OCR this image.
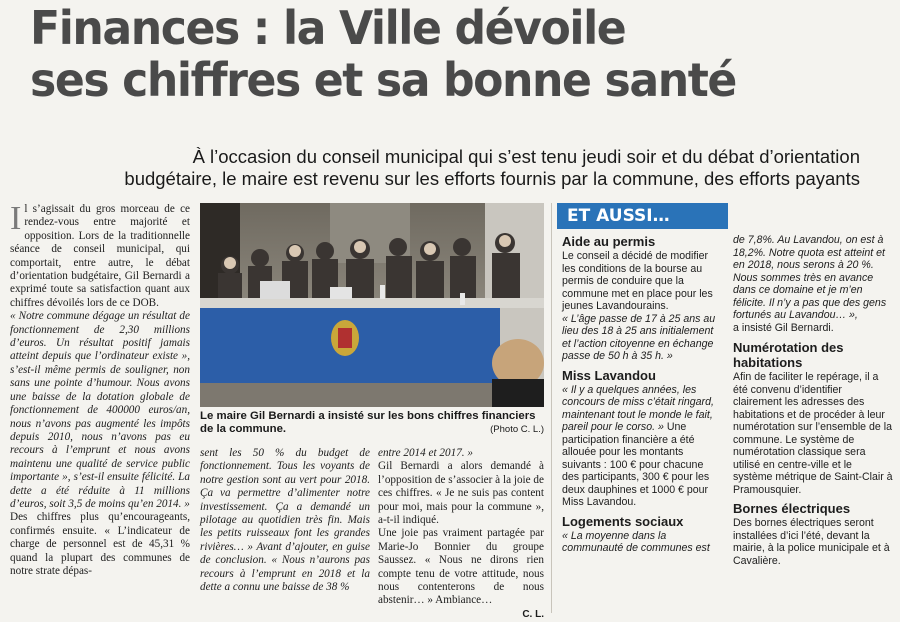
Finances : la Ville dévoile
ses chiffres et sa bonne santé
À l’occasion du conseil municipal qui s’est tenu jeudi soir et du débat d’orientation
budgétaire, le maire est revenu sur les efforts fournis par la commune, des efforts payants
I l s’agissait du gros morceau de ce rendez-vous entre majorité et opposition. Lors de la traditionnelle séance de conseil municipal, qui comportait, entre autre, le débat d’orientation budgétaire, Gil Bernardi a exprimé toute sa satisfaction quant aux chiffres dévoilés lors de ce DOB.

« Notre commune dégage un résultat de fonctionnement de 2,30 millions d’euros. Un résultat positif jamais atteint depuis que l’ordinateur existe », s’est-il même permis de souligner, non sans une pointe d’humour. Nous avons une baisse de la dotation globale de fonctionnement de 400000 euros/an, nous n’avons pas augmenté les impôts depuis 2010, nous n’avons pas eu recours à l’emprunt et nous avons maintenu une qualité de service public importante », s’est-il ensuite félicité. La dette a été réduite à 11 millions d’euros, soit 3,5 de moins qu’en 2014. »

Des chiffres plus qu’encourageants, confirmés ensuite. « L’indicateur de charge de personnel est de 45,31 % quand la plupart des communes de notre strate dépas-

Le maire Gil Bernardi a insisté sur les bons chiffres financiers de la commune.	(Photo C. L.)

sent les 50 % du budget de fonctionnement. Tous les voyants de notre gestion sont au vert pour 2018. Ça va permettre d’alimenter notre investissement. Ça a demandé un pilotage au quotidien très fin. Mais les petits ruisseaux font les grandes rivières… » Avant d’ajouter, en guise de conclusion. « Nous n’aurons pas recours à l’emprunt en 2018 et la dette a connu une baisse de 38 %

entre 2014 et 2017. »

Gil Bernardi a alors demandé à l’opposition de s’associer à la joie de ces chiffres. « Je ne suis pas content pour moi, mais pour la commune », a-t-il indiqué.

Une joie pas vraiment partagée par Marie-Jo Bonnier du groupe Saussez. « Nous ne dirons rien compte tenu de votre attitude, nous nous contenterons de nous abstenir… » Ambiance…

C. L.
ET AUSSI…
Aide au permis

Le conseil a décidé de modifier les conditions de la bourse au permis de conduire que la commune met en place pour les jeunes Lavandourains.

« L’âge passe de 17 à 25 ans au lieu des 18 à 25 ans initialement et l’action citoyenne en échange passe de 50 h à 35 h. »

Miss Lavandou

« Il y a quelques années, les concours de miss c’était ringard, maintenant tout le monde le fait, pareil pour le corso. » Une participation financière a été allouée pour les montants suivants : 100 € pour chacune des participants, 300 € pour les deux dauphines et 1000 € pour Miss Lavandou.

Logements sociaux

« La moyenne dans la communauté de communes est

de 7,8%. Au Lavandou, on est à 18,2%. Notre quota est atteint et en 2018, nous serons à 20 %. Nous sommes très en avance dans ce domaine et je m’en félicite. Il n’y a pas que des gens fortunés au Lavandou… »,

a insisté Gil Bernardi.

Numérotation des habitations

Afin de faciliter le repérage, il a été convenu d’identifier clairement les adresses des habitations et de procéder à leur numérotation sur l’ensemble de la commune. Le système de numérotation classique sera utilisé en centre-ville et le système métrique de Saint-Clair à Pramousquier.

Bornes électriques

Des bornes électriques seront installées d’ici l’été, devant la mairie, à la police municipale et à Cavalière.
